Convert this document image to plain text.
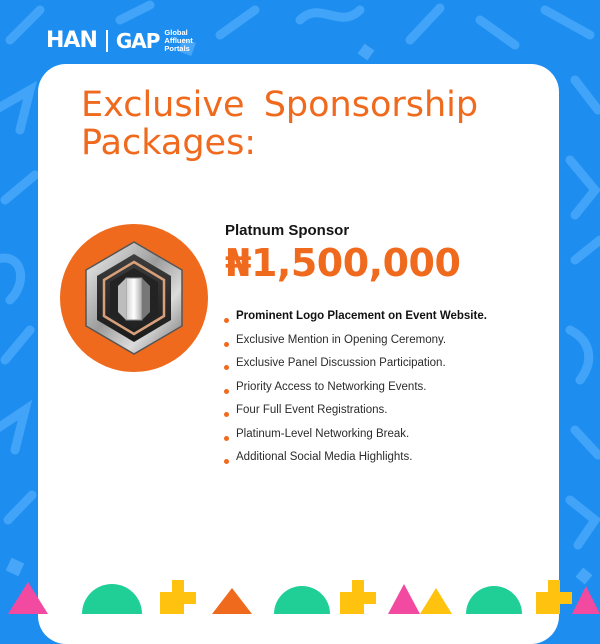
HAN GAP Global
Affluent
Portals
Exclusive Sponsorship Packages:
Platnum Sponsor
₦1,500,000
Prominent Logo Placement on Event Website.
Exclusive Mention in Opening Ceremony.
Exclusive Panel Discussion Participation.
Priority Access to Networking Events.
Four Full Event Registrations.
Platinum-Level Networking Break.
Additional Social Media Highlights.
